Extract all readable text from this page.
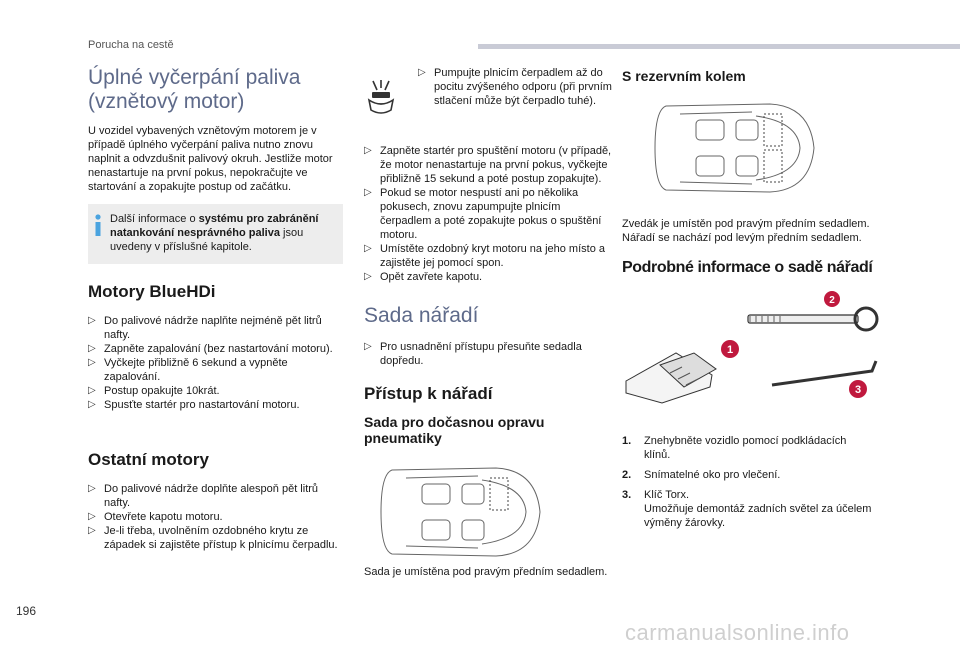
Porucha na cestě
Úplné vyčerpání paliva
(vznětový motor)
U vozidel vybavených vznětovým motorem je v případě úplného vyčerpání paliva nutno znovu naplnit a odvzdušnit palivový okruh. Jestliže motor nenastartuje na první pokus, nepokračujte ve startování a zopakujte postup od začátku.
Další informace o systému pro zabránění natankování nesprávného paliva jsou uvedeny v příslušné kapitole.
Motory BlueHDi
▷ Do palivové nádrže naplňte nejméně pět litrů nafty.
▷ Zapněte zapalování (bez nastartování motoru).
▷ Vyčkejte přibližně 6 sekund a vypněte zapalování.
▷ Postup opakujte 10krát.
▷ Spusťte startér pro nastartování motoru.
Ostatní motory
▷ Do palivové nádrže doplňte alespoň pět litrů nafty.
▷ Otevřete kapotu motoru.
▷ Je-li třeba, uvolněním ozdobného krytu ze západek si zajistěte přístup k plnicímu čerpadlu.
▷ Pumpujte plnicím čerpadlem až do pocitu zvýšeného odporu (při prvním stlačení může být čerpadlo tuhé).
▷ Zapněte startér pro spuštění motoru (v případě, že motor nenastartuje na první pokus, vyčkejte přibližně 15 sekund a poté postup zopakujte).
▷ Pokud se motor nespustí ani po několika pokusech, znovu zapumpujte plnicím čerpadlem a poté zopakujte pokus o spuštění motoru.
▷ Umístěte ozdobný kryt motoru na jeho místo a zajistěte jej pomocí spon.
▷ Opět zavřete kapotu.
Sada nářadí
▷ Pro usnadnění přístupu přesuňte sedadla dopředu.
Přístup k nářadí
Sada pro dočasnou opravu
pneumatiky
Sada je umístěna pod pravým předním sedadlem.
S rezervním kolem
Zvedák je umístěn pod pravým předním sedadlem.
Nářadí se nachází pod levým předním sedadlem.
Podrobné informace o sadě nářadí
1
2
3
1. Znehybněte vozidlo pomocí podkládacích klínů.
2. Snímatelné oko pro vlečení.
3. Klíč Torx.
Umožňuje demontáž zadních světel za účelem výměny žárovky.
196
carmanualsonline.info
